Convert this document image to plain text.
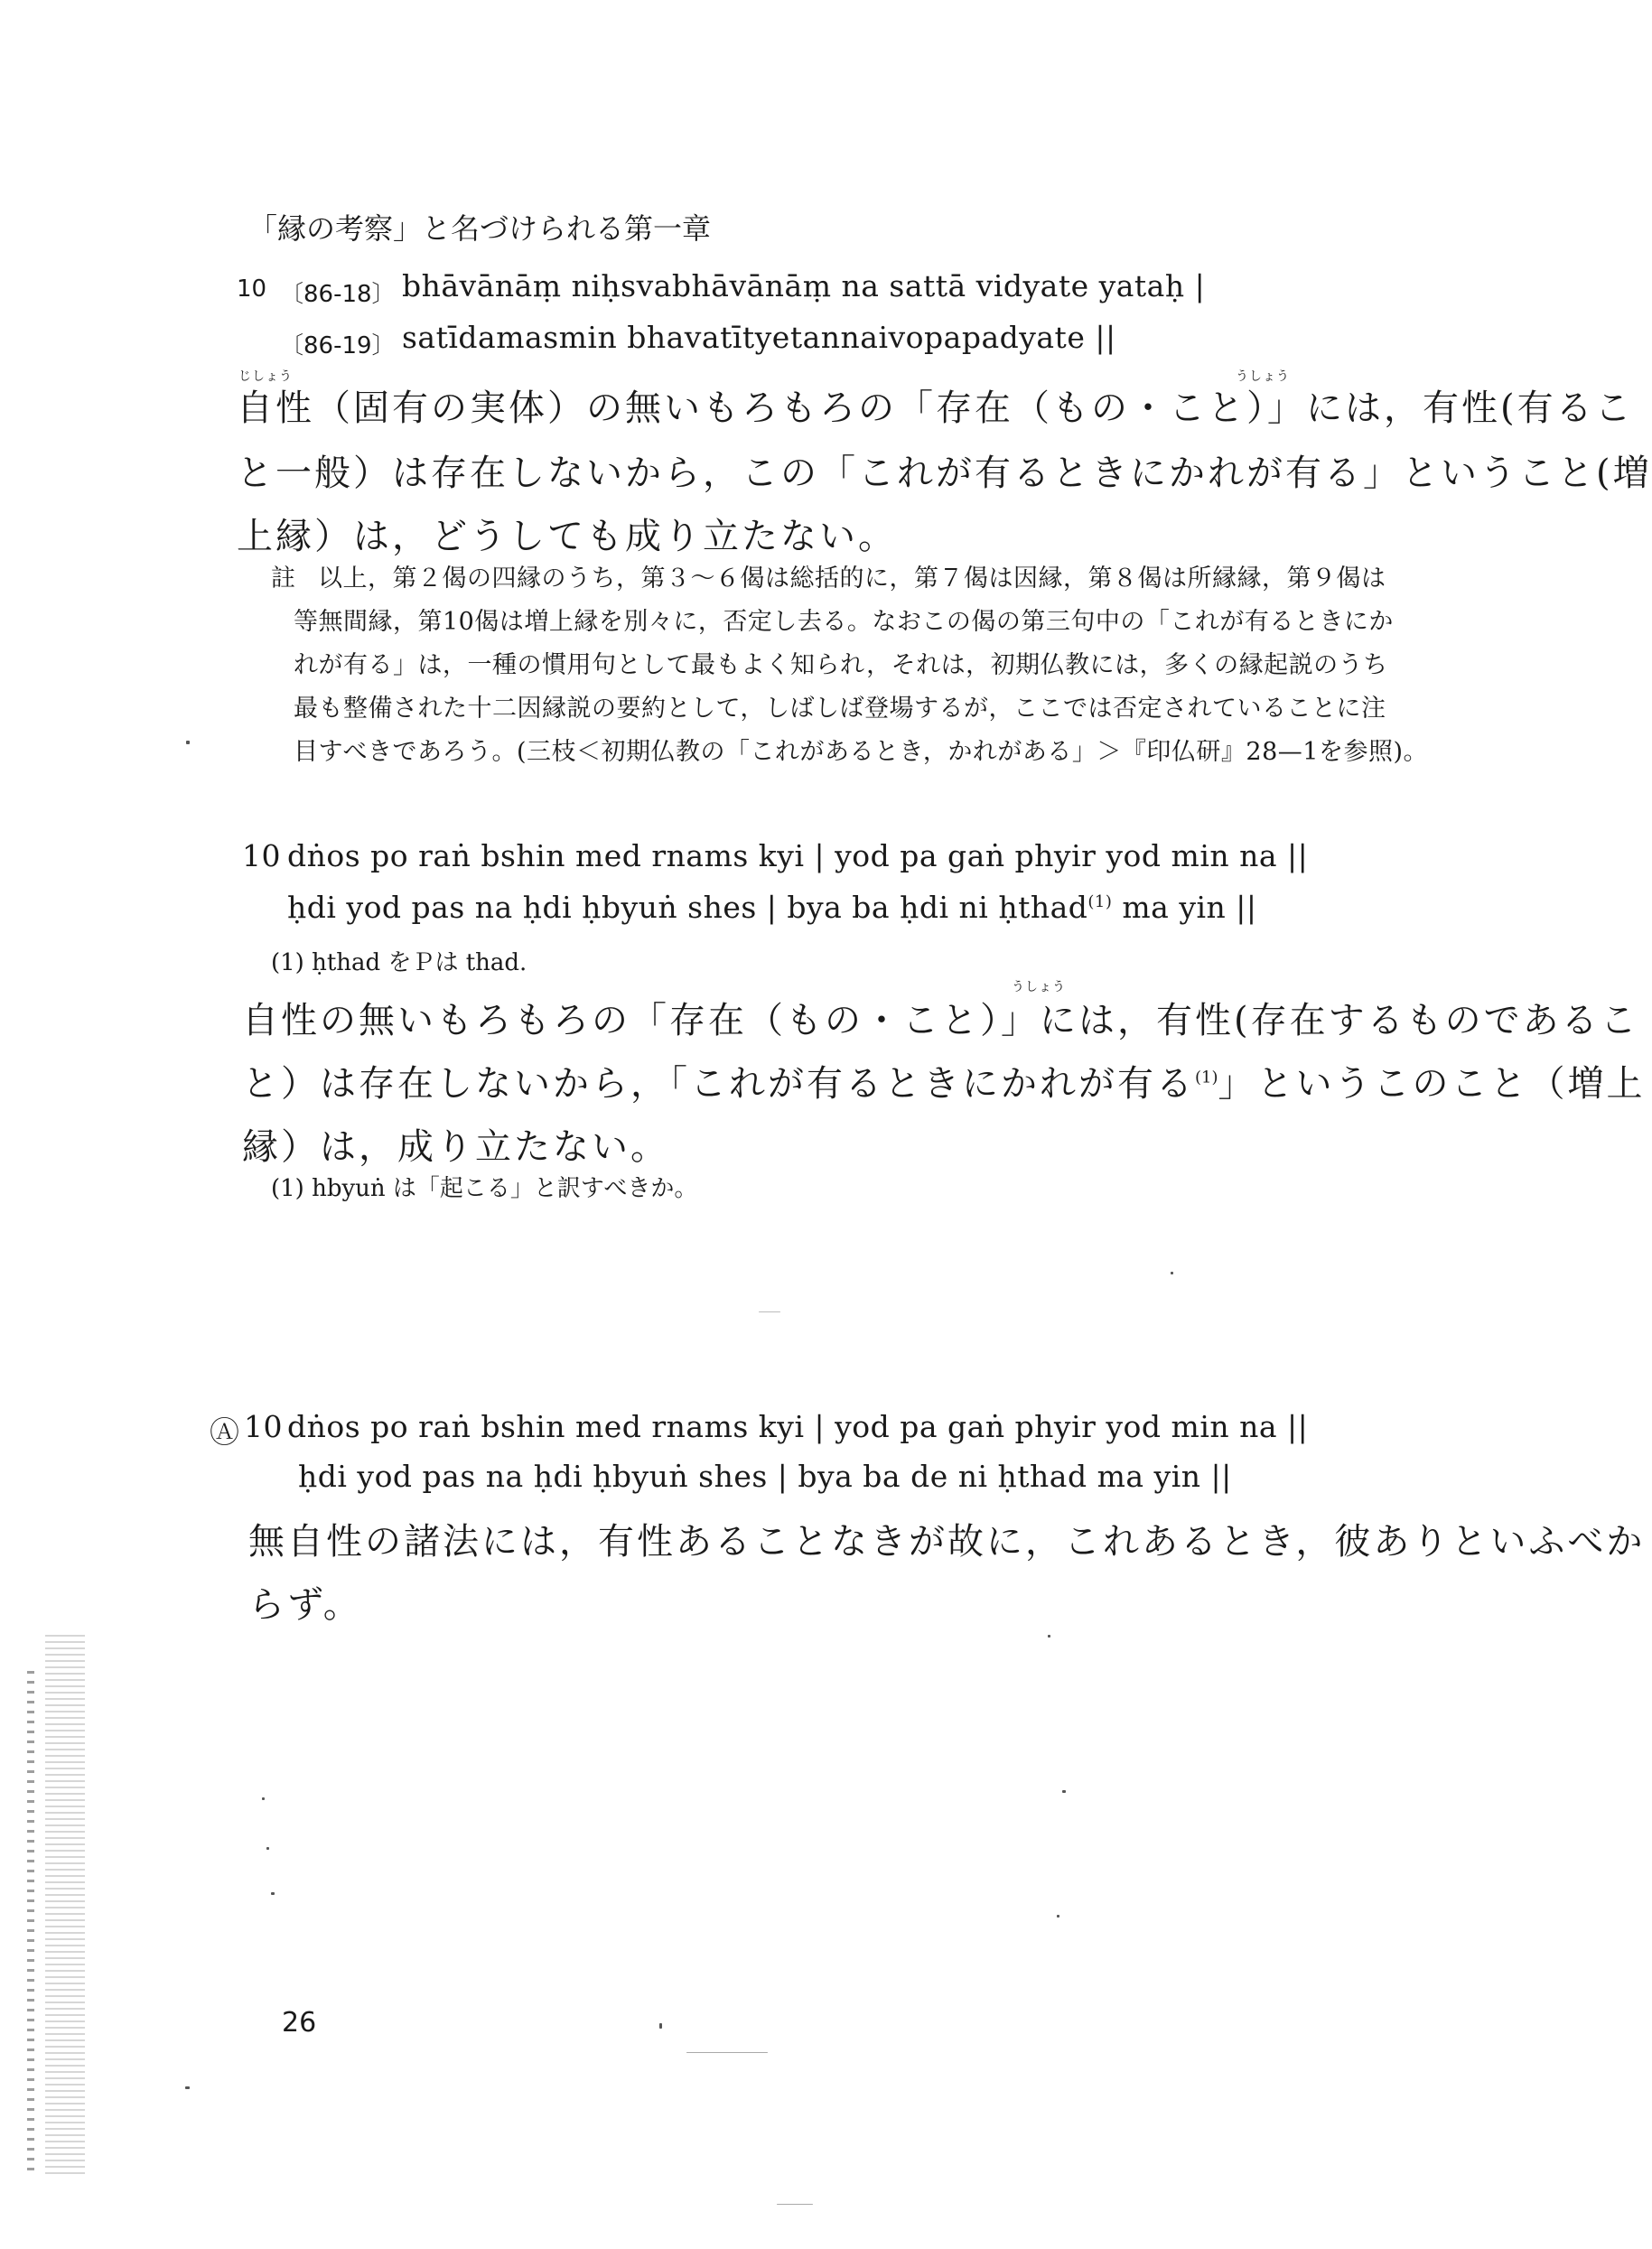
「縁の考察」と名づけられる第一章
10 〔86-18〕 bhāvānāṃ niḥsvabhāvānāṃ na sattā vidyate yataḥ |
〔86-19〕 satīdamasmin bhavatītyetannaivopapadyate ||
じしょう	うしょう
自性（固有の実体）の無いもろもろの「存在（もの・こと）」には，有性(有るこ
と一般）は存在しないから，この「これが有るときにかれが有る」ということ(増
上縁）は，どうしても成り立たない。
註 以上，第２偈の四縁のうち，第３～６偈は総括的に，第７偈は因縁，第８偈は所縁縁，第９偈は
等無間縁，第10偈は増上縁を別々に，否定し去る。なおこの偈の第三句中の「これが有るときにか
れが有る」は，一種の慣用句として最もよく知られ，それは，初期仏教には，多くの縁起説のうち
最も整備された十二因縁説の要約として，しばしば登場するが，ここでは否定されていることに注
目すべきであろう。(三枝＜初期仏教の「これがあるとき，かれがある」＞『印仏研』28—1を参照)。
10 dṅos po raṅ bshin med rnams kyi | yod pa gaṅ phyir yod min na ||
ḥdi yod pas na ḥdi ḥbyuṅ shes | bya ba ḥdi ni ḥthad$^{(1)}$ ma yin ||
(1) ḥthad をＰは thad.
うしょう
自性の無いもろもろの「存在（もの・こと）」には，有性(存在するものであるこ
と）は存在しないから，「これが有るときにかれが有る$^{(1)}$」というこのこと（増上
縁）は，成り立たない。
(1) hbyuṅ は「起こる」と訳すべきか。
Ⓐ 10 dṅos po raṅ bshin med rnams kyi | yod pa gaṅ phyir yod min na ||
ḥdi yod pas na ḥdi ḥbyuṅ shes | bya ba de ni ḥthad ma yin ||
無自性の諸法には，有性あることなきが故に，これあるとき，彼ありといふべか
らず。
26
